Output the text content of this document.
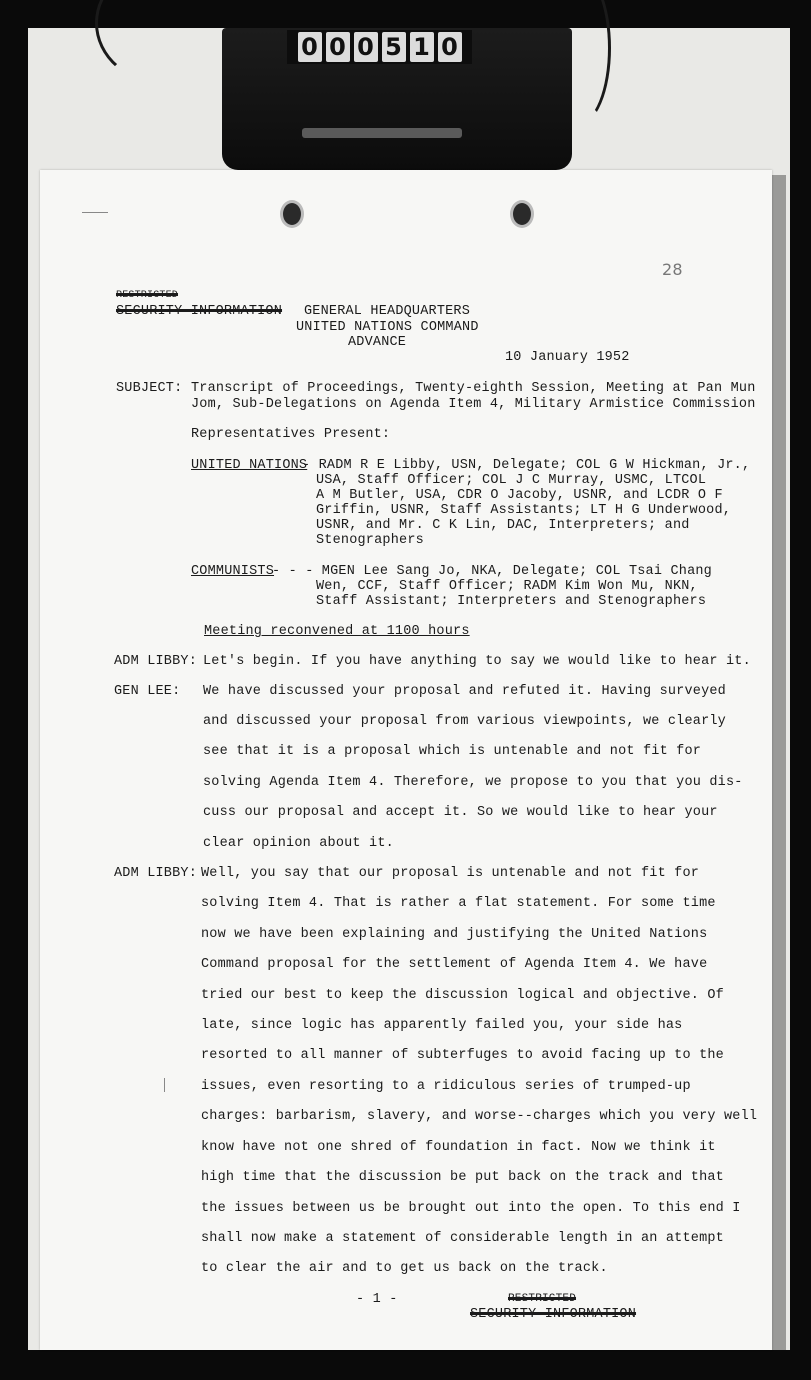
0 0 0 5 1 0
28
RESTRICTED
SECURITY INFORMATION GENERAL HEADQUARTERS
UNITED NATIONS COMMAND
ADVANCE
10 January 1952
SUBJECT: Transcript of Proceedings, Twenty-eighth Session, Meeting at Pan Mun
Jom, Sub-Delegations on Agenda Item 4, Military Armistice Commission
Representatives Present:
UNITED NATIONS
- RADM R E Libby, USN, Delegate; COL G W Hickman, Jr.,
USA, Staff Officer; COL J C Murray, USMC, LTCOL
A M Butler, USA, CDR O Jacoby, USNR, and LCDR O F
Griffin, USNR, Staff Assistants; LT H G Underwood,
USNR, and Mr. C K Lin, DAC, Interpreters; and
Stenographers
COMMUNISTS
- - - MGEN Lee Sang Jo, NKA, Delegate; COL Tsai Chang
Wen, CCF, Staff Officer; RADM Kim Won Mu, NKN,
Staff Assistant; Interpreters and Stenographers
Meeting reconvened at 1100 hours
ADM LIBBY: Let's begin. If you have anything to say we would like to hear it.
GEN LEE: We have discussed your proposal and refuted it. Having surveyed
and discussed your proposal from various viewpoints, we clearly
see that it is a proposal which is untenable and not fit for
solving Agenda Item 4. Therefore, we propose to you that you dis-
cuss our proposal and accept it. So we would like to hear your
clear opinion about it.
ADM LIBBY: Well, you say that our proposal is untenable and not fit for
solving Item 4. That is rather a flat statement. For some time
now we have been explaining and justifying the United Nations
Command proposal for the settlement of Agenda Item 4. We have
tried our best to keep the discussion logical and objective. Of
late, since logic has apparently failed you, your side has
resorted to all manner of subterfuges to avoid facing up to the
issues, even resorting to a ridiculous series of trumped-up
charges: barbarism, slavery, and worse--charges which you very well
know have not one shred of foundation in fact. Now we think it
high time that the discussion be put back on the track and that
the issues between us be brought out into the open. To this end I
shall now make a statement of considerable length in an attempt
to clear the air and to get us back on the track.
- 1 -	RESTRICTED
SECURITY INFORMATION
